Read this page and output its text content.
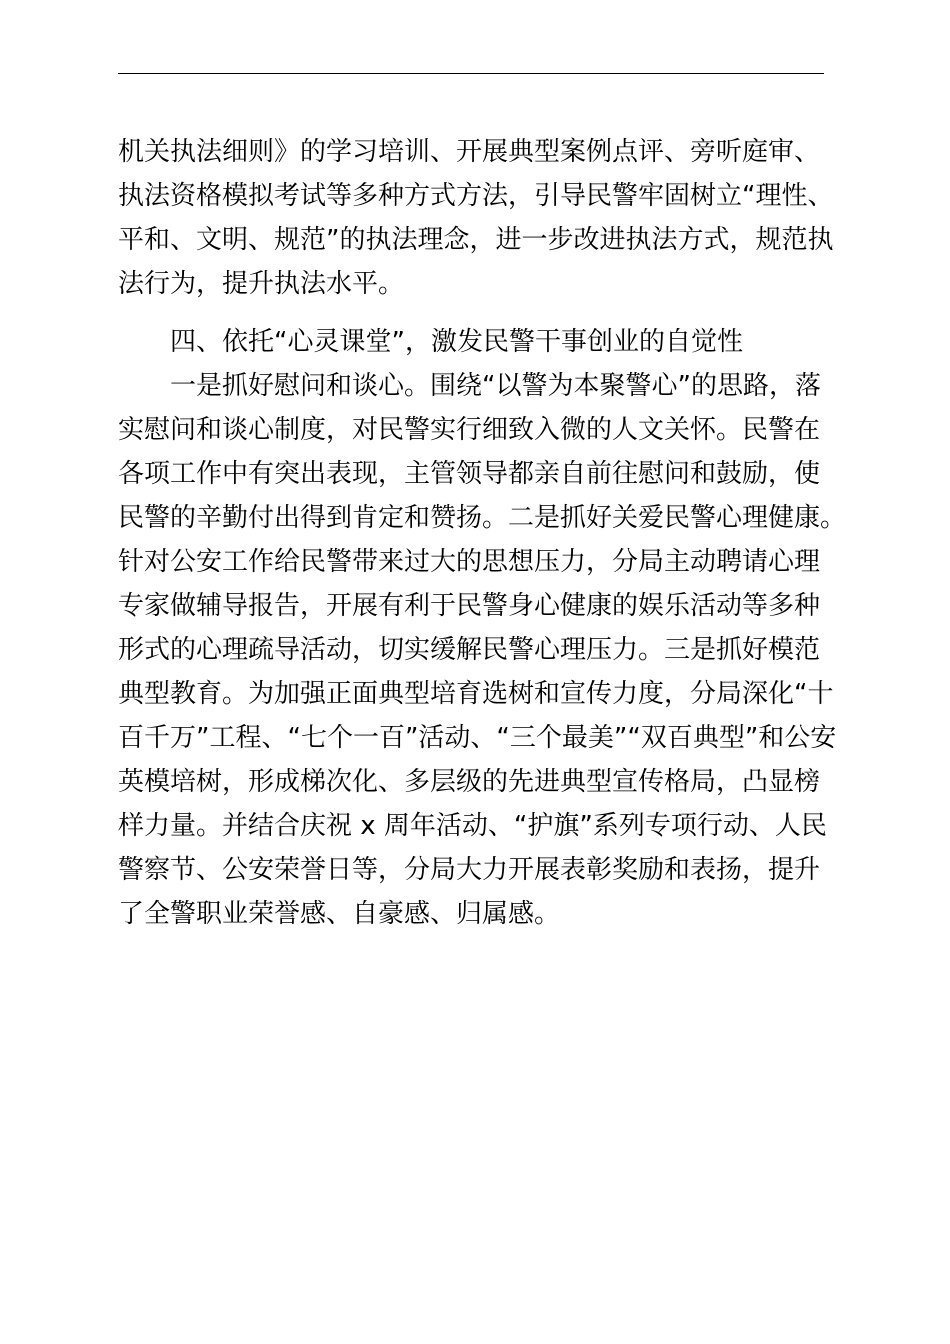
机关执法细则》的学习培训、开展典型案例点评、旁听庭审、
执法资格模拟考试等多种方式方法，引导民警牢固树立“理性、
平和、文明、规范”的执法理念，进一步改进执法方式，规范执
法行为，提升执法水平。
四、依托“心灵课堂”，激发民警干事创业的自觉性
一是抓好慰问和谈心。围绕“以警为本聚警心”的思路，落
实慰问和谈心制度，对民警实行细致入微的人文关怀。民警在
各项工作中有突出表现，主管领导都亲自前往慰问和鼓励，使
民警的辛勤付出得到肯定和赞扬。二是抓好关爱民警心理健康。
针对公安工作给民警带来过大的思想压力，分局主动聘请心理
专家做辅导报告，开展有利于民警身心健康的娱乐活动等多种
形式的心理疏导活动，切实缓解民警心理压力。三是抓好模范
典型教育。为加强正面典型培育选树和宣传力度，分局深化“十
百千万”工程、“七个一百”活动、“三个最美”“双百典型”和公安
英模培树，形成梯次化、多层级的先进典型宣传格局，凸显榜
样力量。并结合庆祝 x 周年活动、“护旗”系列专项行动、人民
警察节、公安荣誉日等，分局大力开展表彰奖励和表扬，提升
了全警职业荣誉感、自豪感、归属感。
